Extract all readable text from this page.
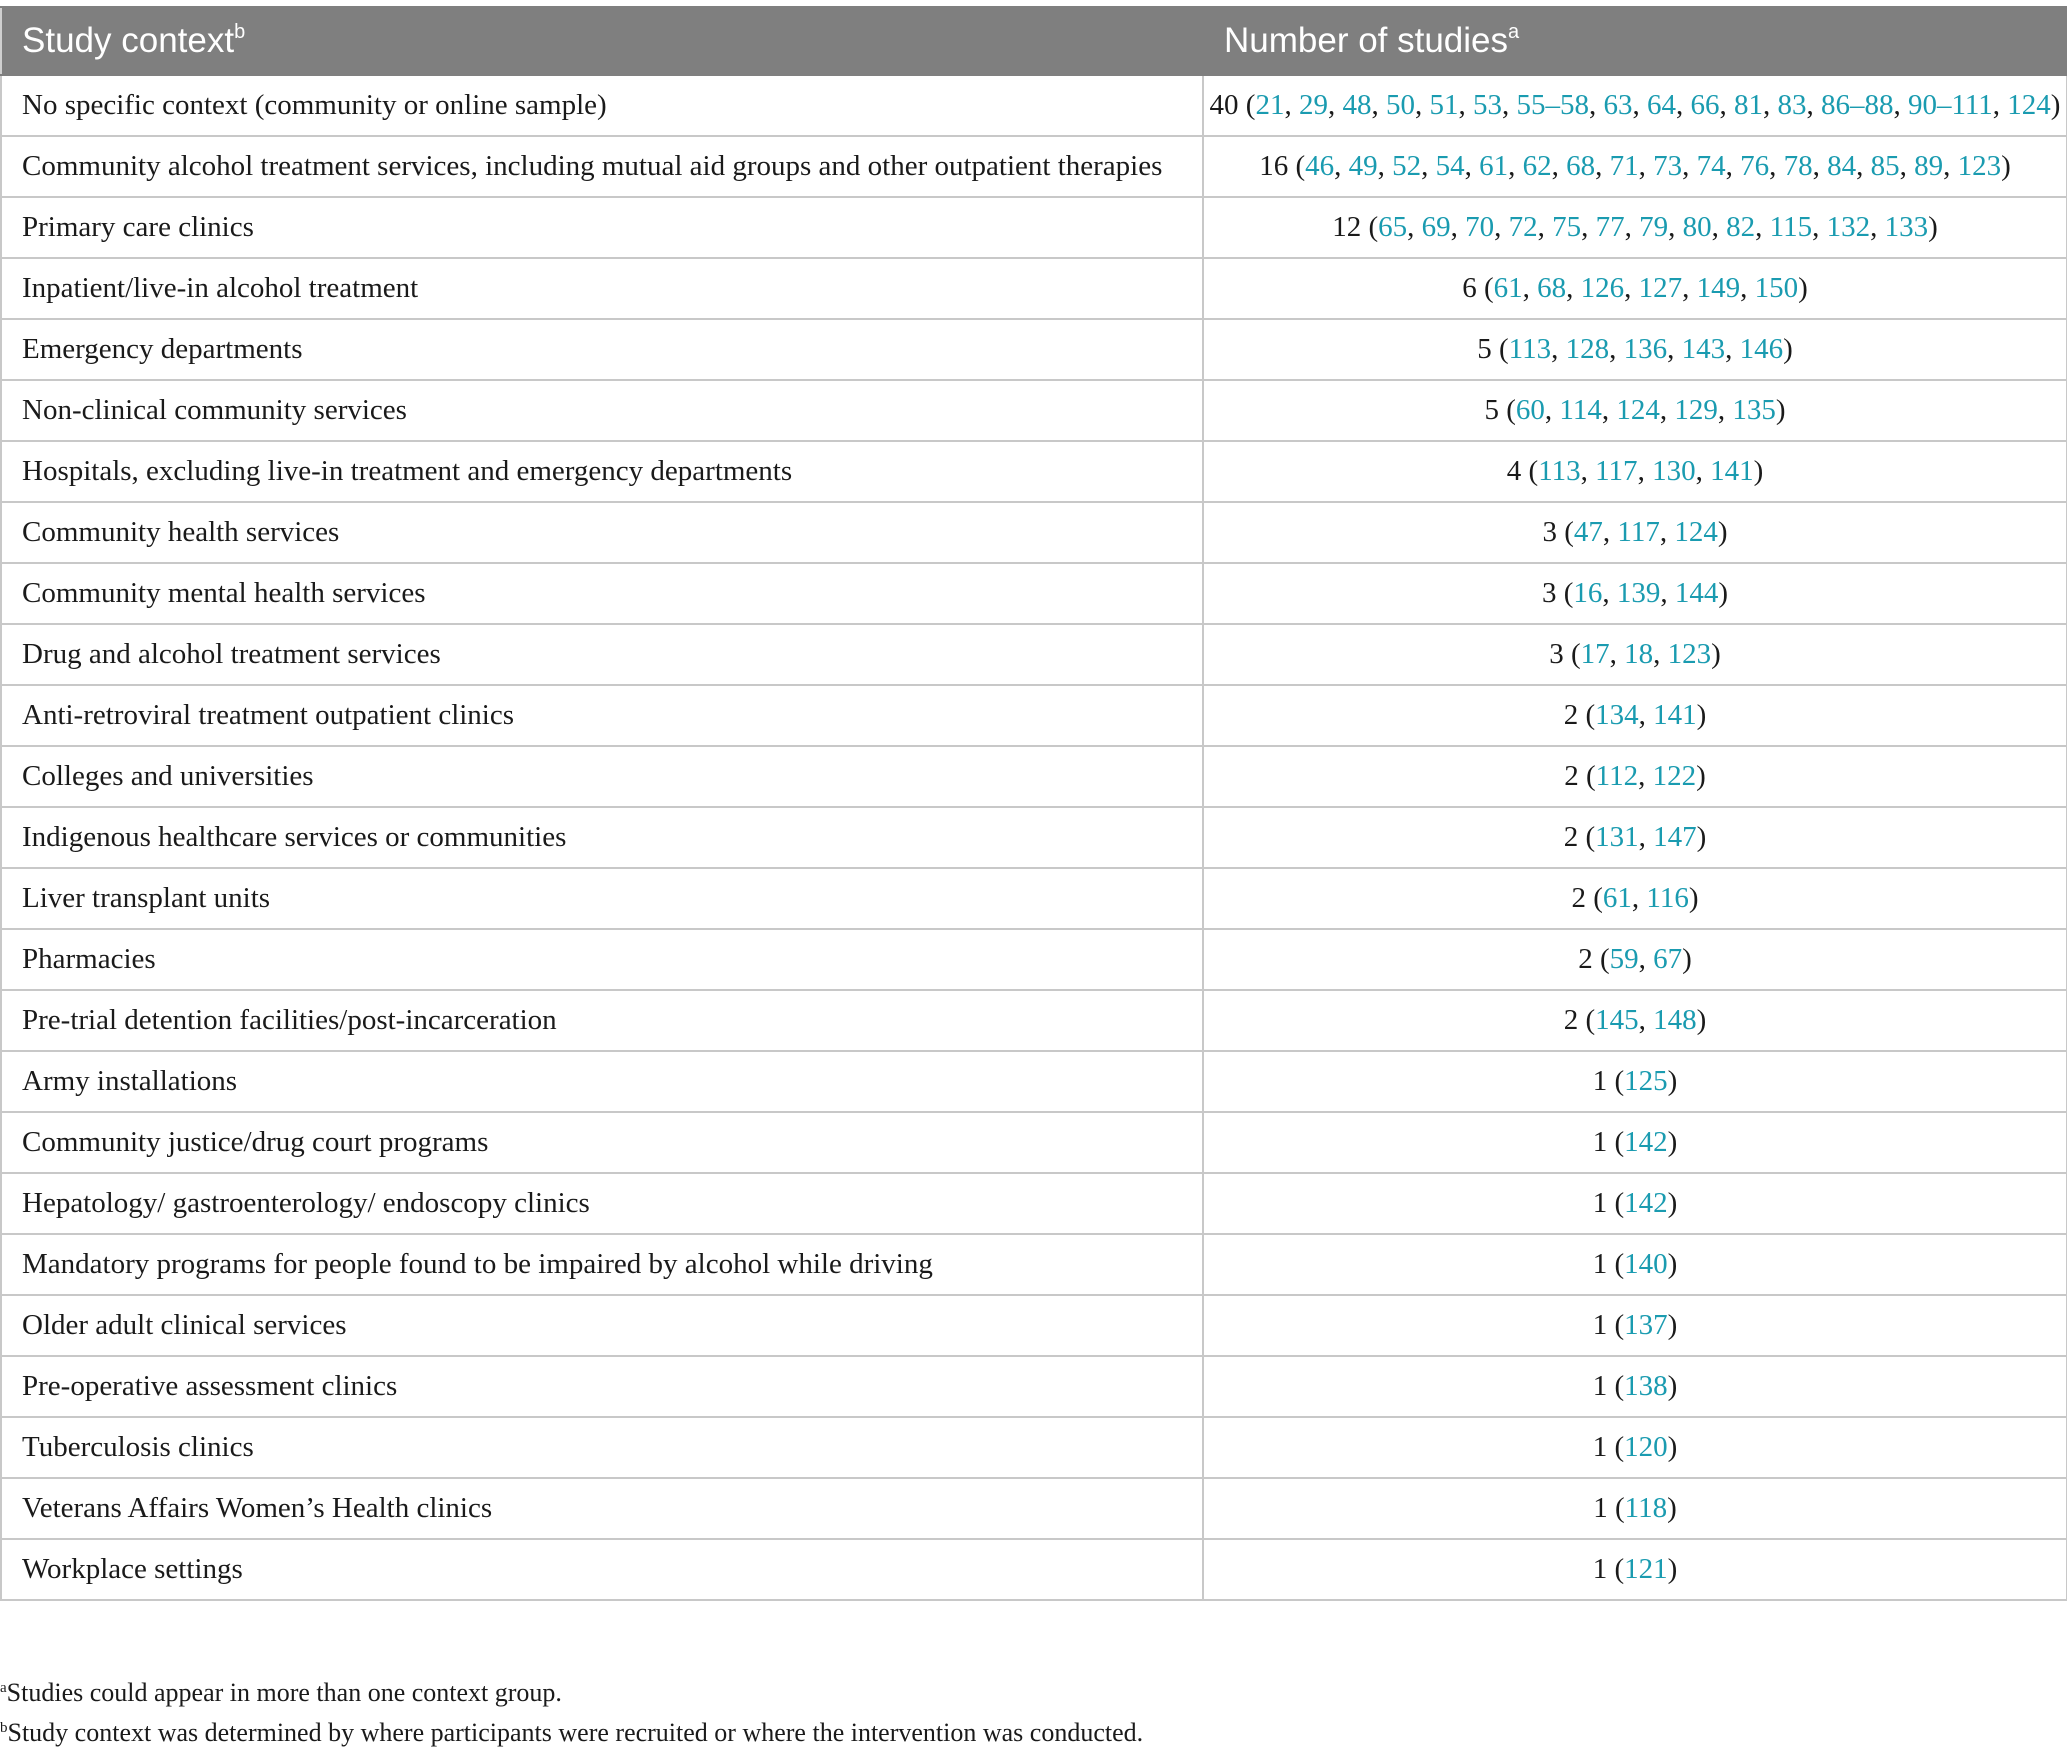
Study context$^b$	Number of studies$^a$
No specific context (community or online sample)	40 (21, 29, 48, 50, 51, 53, 55–58, 63, 64, 66, 81, 83, 86–88, 90–111, 124)
Community alcohol treatment services, including mutual aid groups and other outpatient therapies	16 (46, 49, 52, 54, 61, 62, 68, 71, 73, 74, 76, 78, 84, 85, 89, 123)
Primary care clinics	12 (65, 69, 70, 72, 75, 77, 79, 80, 82, 115, 132, 133)
Inpatient/live-in alcohol treatment	6 (61, 68, 126, 127, 149, 150)
Emergency departments	5 (113, 128, 136, 143, 146)
Non-clinical community services	5 (60, 114, 124, 129, 135)
Hospitals, excluding live-in treatment and emergency departments	4 (113, 117, 130, 141)
Community health services	3 (47, 117, 124)
Community mental health services	3 (16, 139, 144)
Drug and alcohol treatment services	3 (17, 18, 123)
Anti-retroviral treatment outpatient clinics	2 (134, 141)
Colleges and universities	2 (112, 122)
Indigenous healthcare services or communities	2 (131, 147)
Liver transplant units	2 (61, 116)
Pharmacies	2 (59, 67)
Pre-trial detention facilities/post-incarceration	2 (145, 148)
Army installations	1 (125)
Community justice/drug court programs	1 (142)
Hepatology/ gastroenterology/ endoscopy clinics	1 (142)
Mandatory programs for people found to be impaired by alcohol while driving	1 (140)
Older adult clinical services	1 (137)
Pre-operative assessment clinics	1 (138)
Tuberculosis clinics	1 (120)
Veterans Affairs Women’s Health clinics	1 (118)
Workplace settings	1 (121)
$^a$Studies could appear in more than one context group.
$^b$Study context was determined by where participants were recruited or where the intervention was conducted.
